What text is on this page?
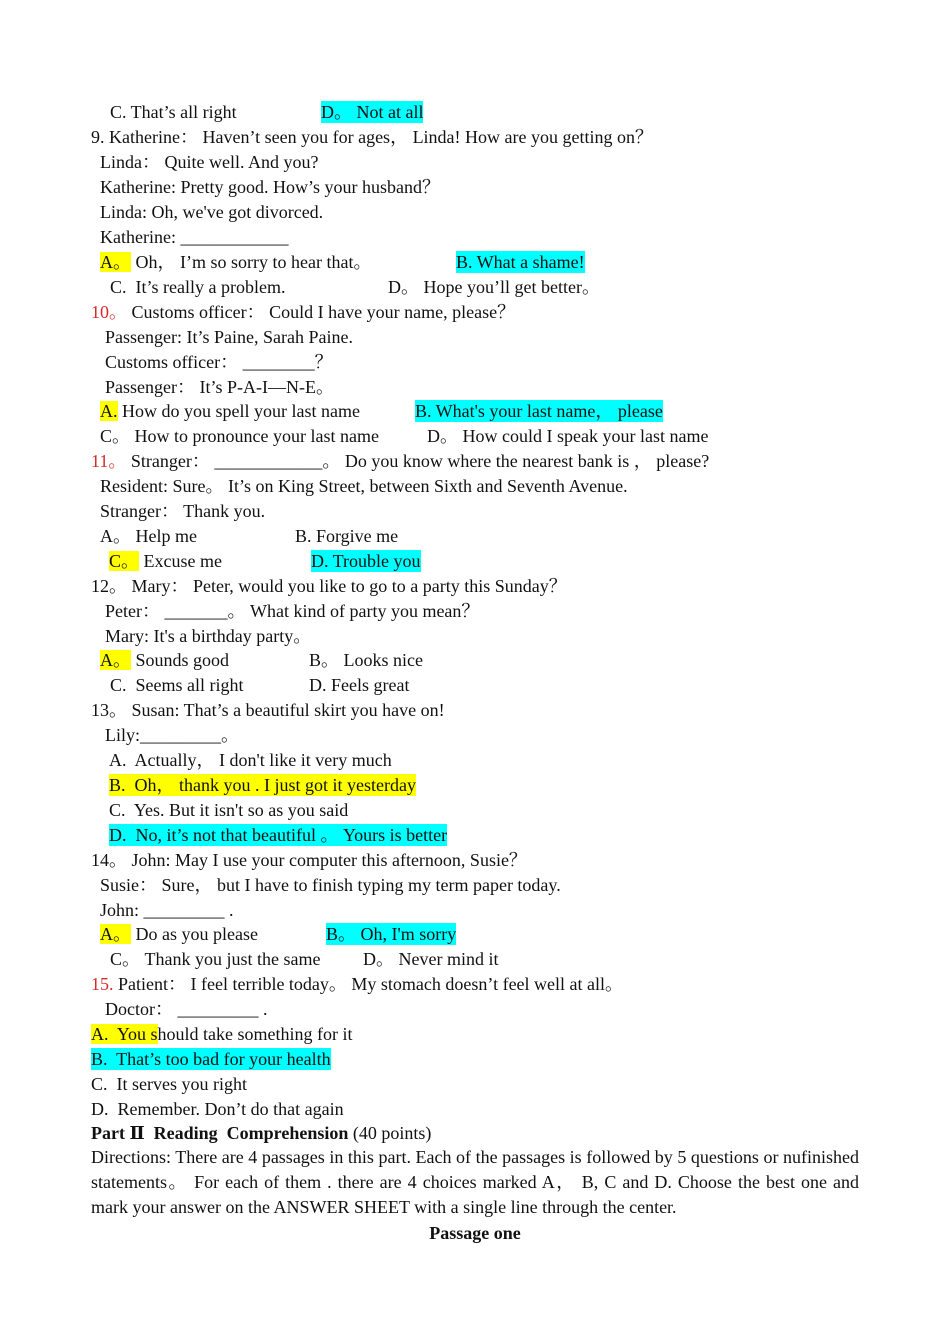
C. That’s all right	D。 Not at all
9. Katherine： Haven’t seen you for ages， Linda! How are you getting on？
Linda： Quite well. And you?
Katherine: Pretty good. How’s your husband？
Linda: Oh, we've got divorced.
Katherine: ____________
A。 Oh， I’m so sorry to hear that。	B. What a shame!
C.  It’s really a problem.	D。 Hope you’ll get better。
10。 Customs officer： Could I have your name, please？
Passenger: It’s Paine, Sarah Paine.
Customs officer： ________？
Passenger： It’s P-A-I—N-E。
A. How do you spell your last name	B. What's your last name， please
C。 How to pronounce your last name	D。 How could I speak your last name
11。 Stranger： ____________。 Do you know where the nearest bank is ， please?
Resident: Sure。 It’s on King Street, between Sixth and Seventh Avenue.
Stranger： Thank you.
A。 Help me	B. Forgive me
C。 Excuse me	D. Trouble you
12。 Mary： Peter, would you like to go to a party this Sunday？
Peter： _______。 What kind of party you mean？
Mary: It's a birthday party。
A。 Sounds good	B。 Looks nice
C.  Seems all right	D. Feels great
13。 Susan: That’s a beautiful skirt you have on!
Lily:_________。
A.  Actually， I don't like it very much
B.  Oh， thank you . I just got it yesterday
C.  Yes. But it isn't so as you said
D.  No, it’s not that beautiful 。 Yours is better
14。 John: May I use your computer this afternoon, Susie？
Susie： Sure， but I have to finish typing my term paper today.
John: _________ .
A。 Do as you please	B。 Oh, I'm sorry
C。 Thank you just the same D。 Never mind it
15. Patient： I feel terrible today。 My stomach doesn’t feel well at all。
Doctor： _________ .
A.  You should take something for it
B.  That’s too bad for your health
C.  It serves you right
D.  Remember. Don’t do that again
Part Ⅱ  Reading  Comprehension (40 points)
Directions: There are 4 passages in this part. Each of the passages is followed by 5 questions or nufinished statements。 For each of them . there are 4 choices marked A， B, C and D. Choose the best one and mark your answer on the ANSWER SHEET with a single line through the center.
Passage one
